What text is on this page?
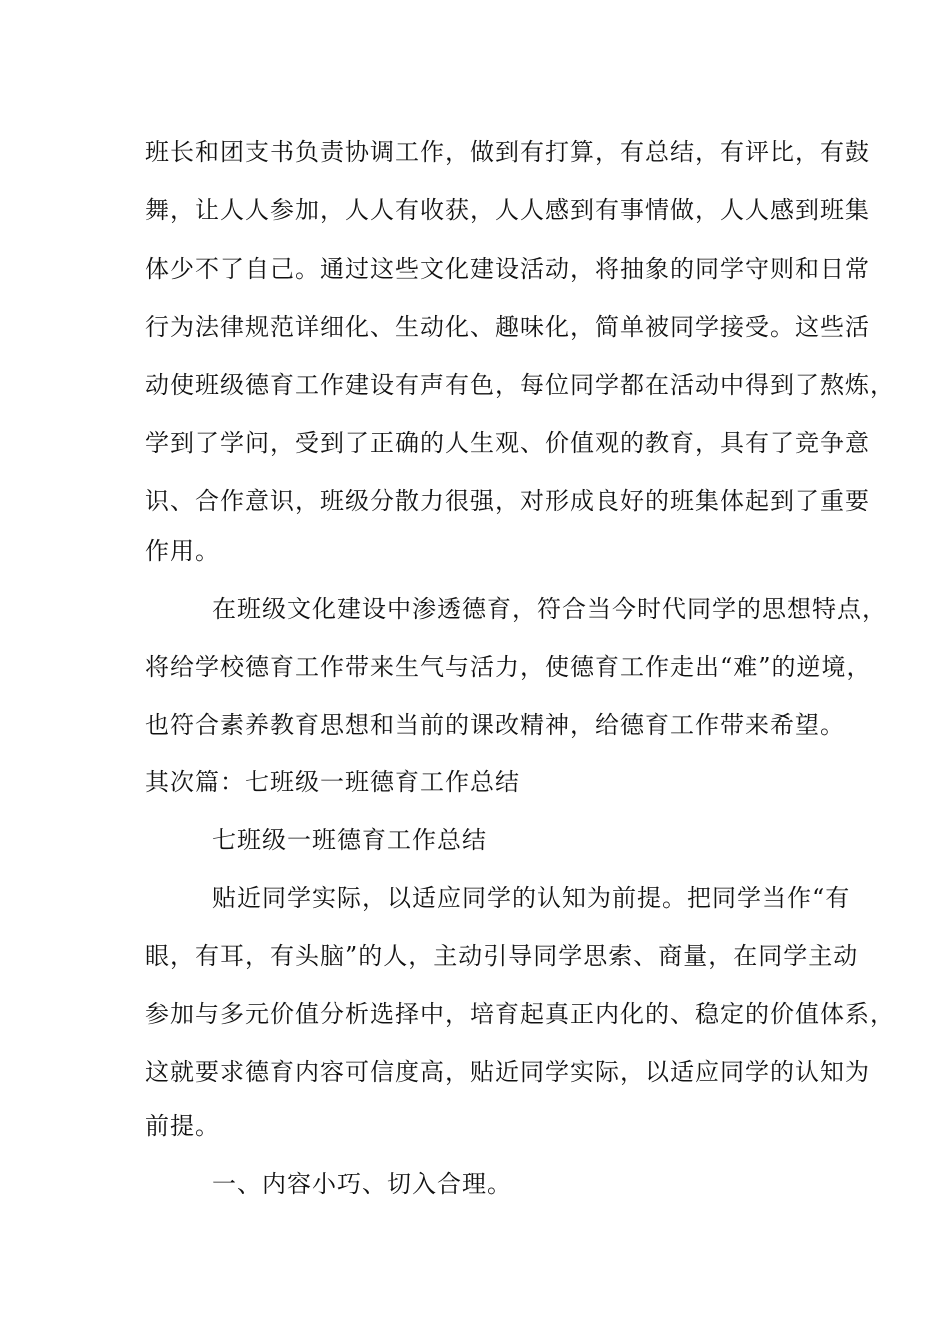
班长和团支书负责协调工作，做到有打算，有总结，有评比，有鼓
舞，让人人参加，人人有收获，人人感到有事情做，人人感到班集
体少不了自己。通过这些文化建设活动，将抽象的同学守则和日常
行为法律规范详细化、生动化、趣味化，简单被同学接受。这些活
动使班级德育工作建设有声有色，每位同学都在活动中得到了熬炼，
学到了学问，受到了正确的人生观、价值观的教育，具有了竞争意
识、合作意识，班级分散力很强，对形成良好的班集体起到了重要
作用。
在班级文化建设中渗透德育，符合当今时代同学的思想特点，
将给学校德育工作带来生气与活力，使德育工作走出“难”的逆境，
也符合素养教育思想和当前的课改精神，给德育工作带来希望。
其次篇：七班级一班德育工作总结
七班级一班德育工作总结
贴近同学实际，以适应同学的认知为前提。把同学当作“有
眼，有耳，有头脑”的人，主动引导同学思索、商量，在同学主动
参加与多元价值分析选择中，培育起真正内化的、稳定的价值体系，
这就要求德育内容可信度高，贴近同学实际，以适应同学的认知为
前提。
一、内容小巧、切入合理。
